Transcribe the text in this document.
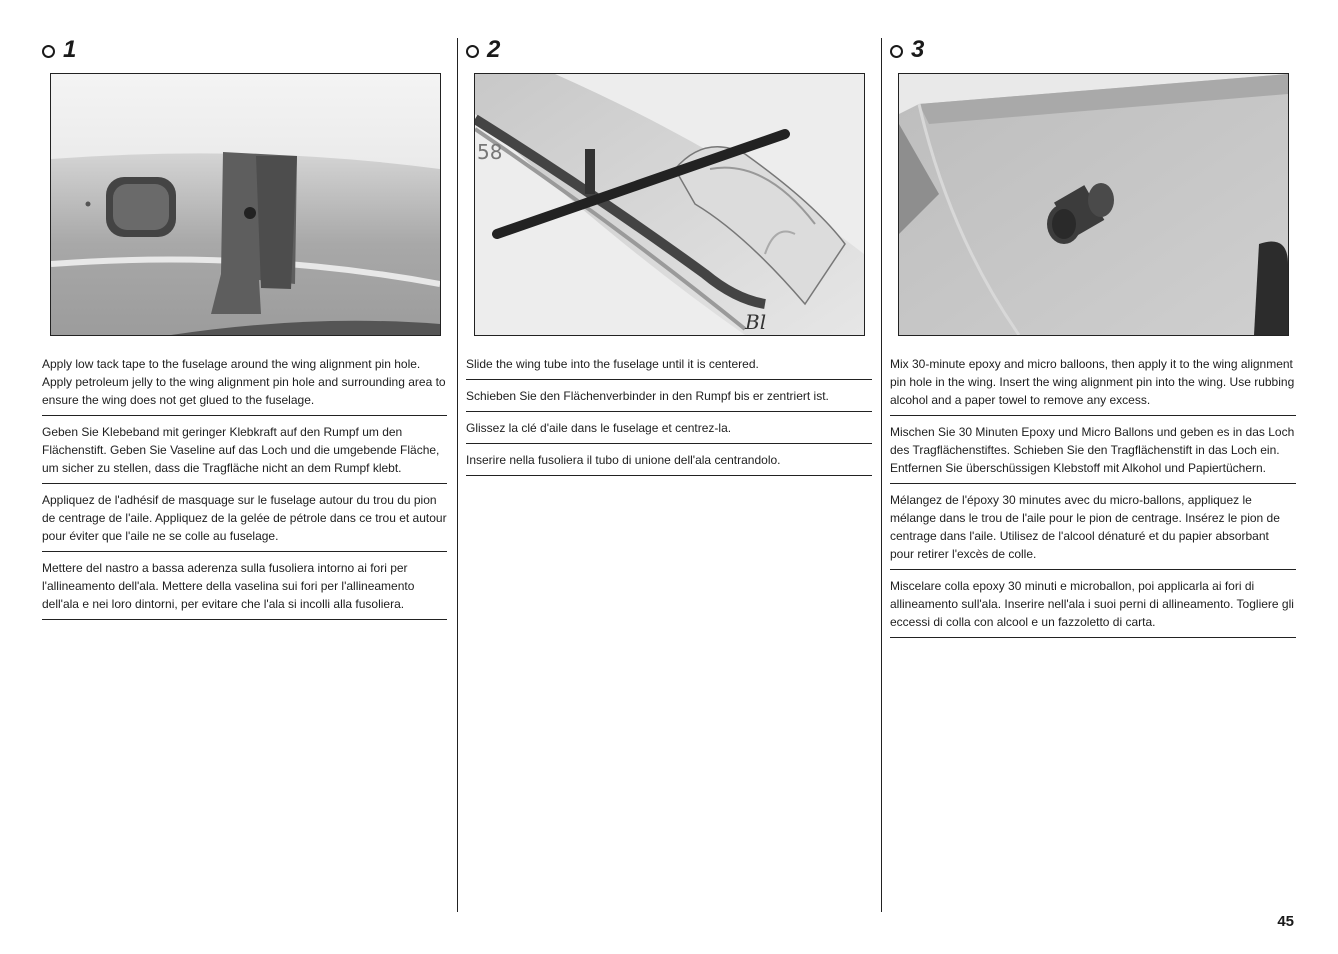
1

Apply low tack tape to the fuselage around the wing alignment pin hole. Apply petroleum jelly to the wing alignment pin hole and surrounding area to ensure the wing does not get glued to the fuselage.

Geben Sie Klebeband mit geringer Klebkraft auf den Rumpf um den Flächenstift. Geben Sie Vaseline auf das Loch und die umgebende Fläche, um sicher zu stellen, dass die Tragfläche nicht an dem Rumpf klebt.

Appliquez de l'adhésif de masquage sur le fuselage autour du trou du pion de centrage de l'aile. Appliquez de la gelée de pétrole dans ce trou et autour pour éviter que l'aile ne se colle au fuselage.

Mettere del nastro a bassa aderenza sulla fusoliera intorno ai fori per l'allineamento dell'ala. Mettere della vaselina sui fori per l'allineamento dell'ala e nei loro dintorni, per evitare che l'ala si incolli alla fusoliera.

2
Bl
58

Slide the wing tube into the fuselage until it is centered.

Schieben Sie den Flächenverbinder in den Rumpf bis er zentriert ist.

Glissez la clé d'aile dans le fuselage et centrez-la.

Inserire nella fusoliera il tubo di unione dell'ala centrandolo.

3

Mix 30-minute epoxy and micro balloons, then apply it to the wing alignment pin hole in the wing. Insert the wing alignment pin into the wing. Use rubbing alcohol and a paper towel to remove any excess.

Mischen Sie 30 Minuten Epoxy und Micro Ballons und geben es in das Loch des Tragflächenstiftes. Schieben Sie den Tragflächenstift in das Loch ein. Entfernen Sie überschüssigen Klebstoff mit Alkohol und Papiertüchern.

Mélangez de l'époxy 30 minutes avec du micro-ballons, appliquez le mélange dans le trou de l'aile pour le pion de centrage. Insérez le pion de centrage dans l'aile. Utilisez de l'alcool dénaturé et du papier absorbant pour retirer l'excès de colle.

Miscelare colla epoxy 30 minuti e microballon, poi applicarla ai fori di allineamento sull'ala. Inserire nell'ala i suoi perni di allineamento. Togliere gli eccessi di colla con alcool e un fazzoletto di carta.

45
